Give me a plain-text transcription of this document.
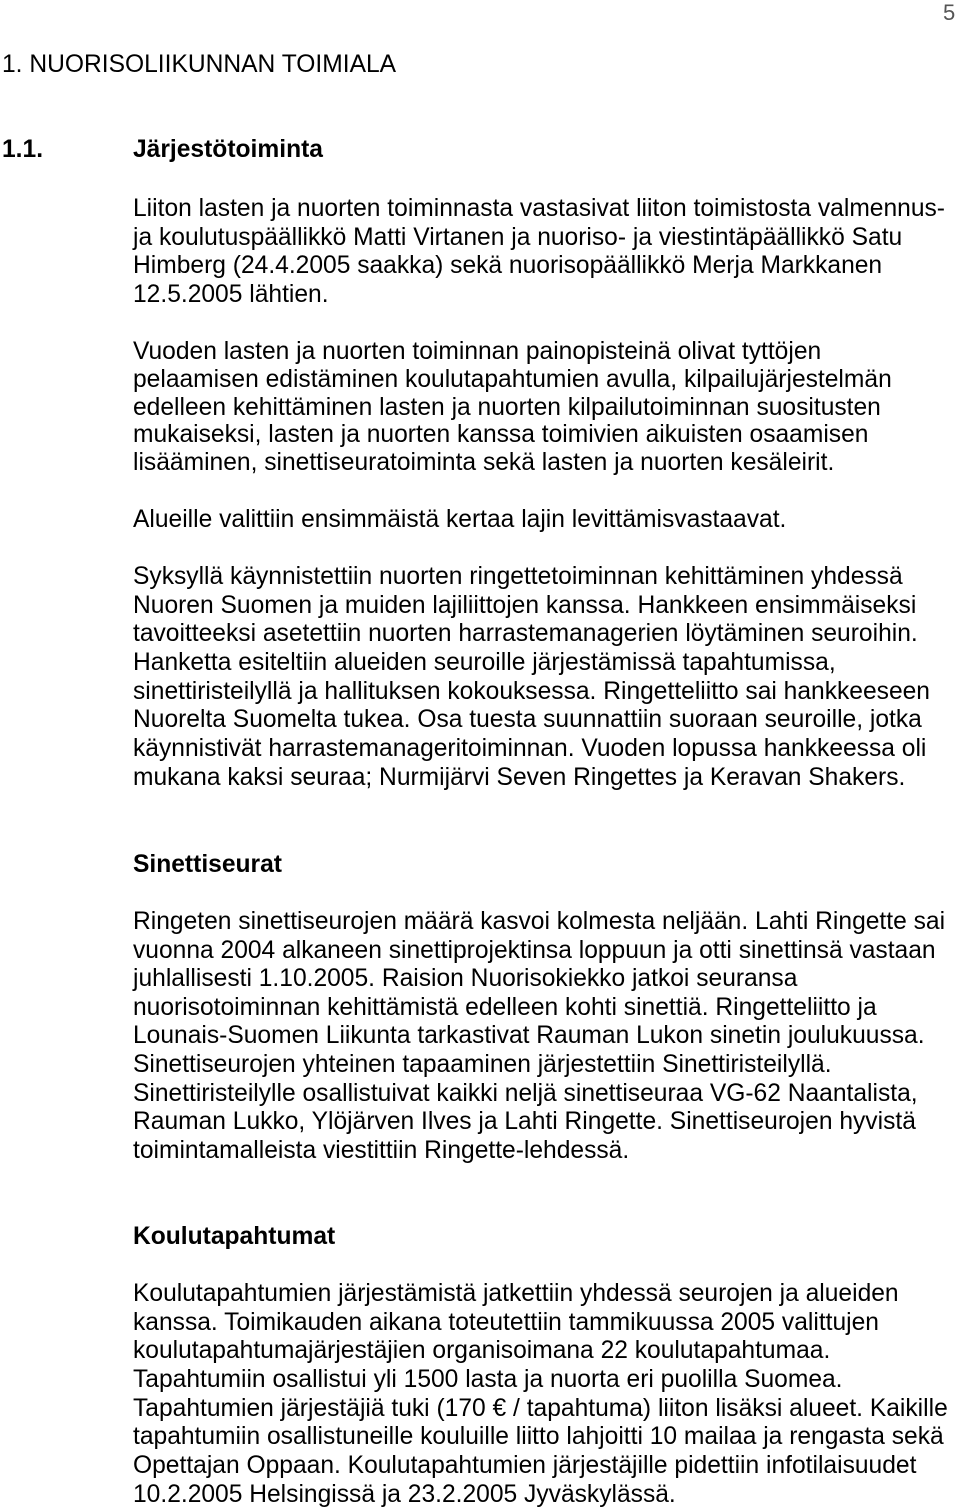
5
1. NUORISOLIIKUNNAN TOIMIALA
1.1.	Järjestötoiminta
Liiton lasten ja nuorten toiminnasta vastasivat liiton toimistosta valmennus-
ja koulutuspäällikkö Matti Virtanen ja nuoriso- ja viestintäpäällikkö Satu
Himberg (24.4.2005 saakka) sekä nuorisopäällikkö Merja Markkanen
12.5.2005 lähtien.
Vuoden lasten ja nuorten toiminnan painopisteinä olivat tyttöjen
pelaamisen edistäminen koulutapahtumien avulla, kilpailujärjestelmän
edelleen kehittäminen lasten ja nuorten kilpailutoiminnan suositusten
mukaiseksi, lasten ja nuorten kanssa toimivien aikuisten osaamisen
lisääminen, sinettiseuratoiminta sekä lasten ja nuorten kesäleirit.
Alueille valittiin ensimmäistä kertaa lajin levittämisvastaavat.
Syksyllä käynnistettiin nuorten ringettetoiminnan kehittäminen yhdessä
Nuoren Suomen ja muiden lajiliittojen kanssa. Hankkeen ensimmäiseksi
tavoitteeksi asetettiin nuorten harrastemanagerien löytäminen seuroihin.
Hanketta esiteltiin alueiden seuroille järjestämissä tapahtumissa,
sinettiristeilyllä ja hallituksen kokouksessa. Ringetteliitto sai hankkeeseen
Nuorelta Suomelta tukea. Osa tuesta suunnattiin suoraan seuroille, jotka
käynnistivät harrastemanageritoiminnan. Vuoden lopussa hankkeessa oli
mukana kaksi seuraa; Nurmijärvi Seven Ringettes ja Keravan Shakers.
Sinettiseurat
Ringeten sinettiseurojen määrä kasvoi kolmesta neljään. Lahti Ringette sai
vuonna 2004 alkaneen sinettiprojektinsa loppuun ja otti sinettinsä vastaan
juhlallisesti 1.10.2005. Raision Nuorisokiekko jatkoi seuransa
nuorisotoiminnan kehittämistä edelleen kohti sinettiä. Ringetteliitto ja
Lounais-Suomen Liikunta tarkastivat Rauman Lukon sinetin joulukuussa.
Sinettiseurojen yhteinen tapaaminen järjestettiin Sinettiristeilyllä.
Sinettiristeilylle osallistuivat kaikki neljä sinettiseuraa VG-62 Naantalista,
Rauman Lukko, Ylöjärven Ilves ja Lahti Ringette. Sinettiseurojen hyvistä
toimintamalleista viestittiin Ringette-lehdessä.
Koulutapahtumat
Koulutapahtumien järjestämistä jatkettiin yhdessä seurojen ja alueiden
kanssa. Toimikauden aikana toteutettiin tammikuussa 2005 valittujen
koulutapahtumajärjestäjien organisoimana 22 koulutapahtumaa.
Tapahtumiin osallistui yli 1500 lasta ja nuorta eri puolilla Suomea.
Tapahtumien järjestäjiä tuki (170 € / tapahtuma) liiton lisäksi alueet. Kaikille
tapahtumiin osallistuneille kouluille liitto lahjoitti 10 mailaa ja rengasta sekä
Opettajan Oppaan. Koulutapahtumien järjestäjille pidettiin infotilaisuudet
10.2.2005 Helsingissä ja 23.2.2005 Jyväskylässä.
